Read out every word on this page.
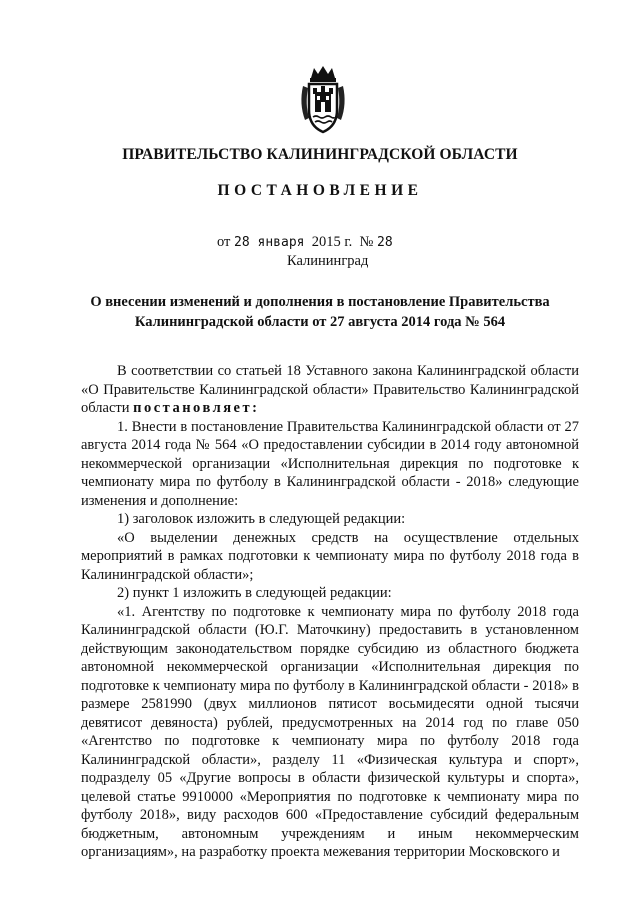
ПРАВИТЕЛЬСТВО КАЛИНИНГРАДСКОЙ ОБЛАСТИ
ПОСТАНОВЛЕНИЕ
от 28 января 2015 г. № 28
Калининград
О внесении изменений и дополнения в постановление Правительства
Калининградской области от 27 августа 2014 года № 564

В соответствии со статьей 18 Уставного закона Калининградской области «О Правительстве Калининградской области» Правительство Калининградской области постановляет:

1. Внести в постановление Правительства Калининградской области от 27 августа 2014 года № 564 «О предоставлении субсидии в 2014 году автономной некоммерческой организации «Исполнительная дирекция по подготовке к чемпионату мира по футболу в Калининградской области - 2018» следующие изменения и дополнение:

1) заголовок изложить в следующей редакции:

«О выделении денежных средств на осуществление отдельных мероприятий в рамках подготовки к чемпионату мира по футболу 2018 года в Калининградской области»;

2) пункт 1 изложить в следующей редакции:

«1. Агентству по подготовке к чемпионату мира по футболу 2018 года Калининградской области (Ю.Г. Маточкину) предоставить в установленном действующим законодательством порядке субсидию из областного бюджета автономной некоммерческой организации «Исполнительная дирекция по подготовке к чемпионату мира по футболу в Калининградской области - 2018» в размере 2581990 (двух миллионов пятисот восьмидесяти одной тысячи девятисот девяноста) рублей, предусмотренных на 2014 год по главе 050 «Агентство по подготовке к чемпионату мира по футболу 2018 года Калининградской области», разделу 11 «Физическая культура и спорт», подразделу 05 «Другие вопросы в области физической культуры и спорта», целевой статье 9910000 «Мероприятия по подготовке к чемпионату мира по футболу 2018», виду расходов 600 «Предоставление субсидий федеральным бюджетным, автономным учреждениям и иным некоммерческим организациям», на разработку проекта межевания территории Московского и
